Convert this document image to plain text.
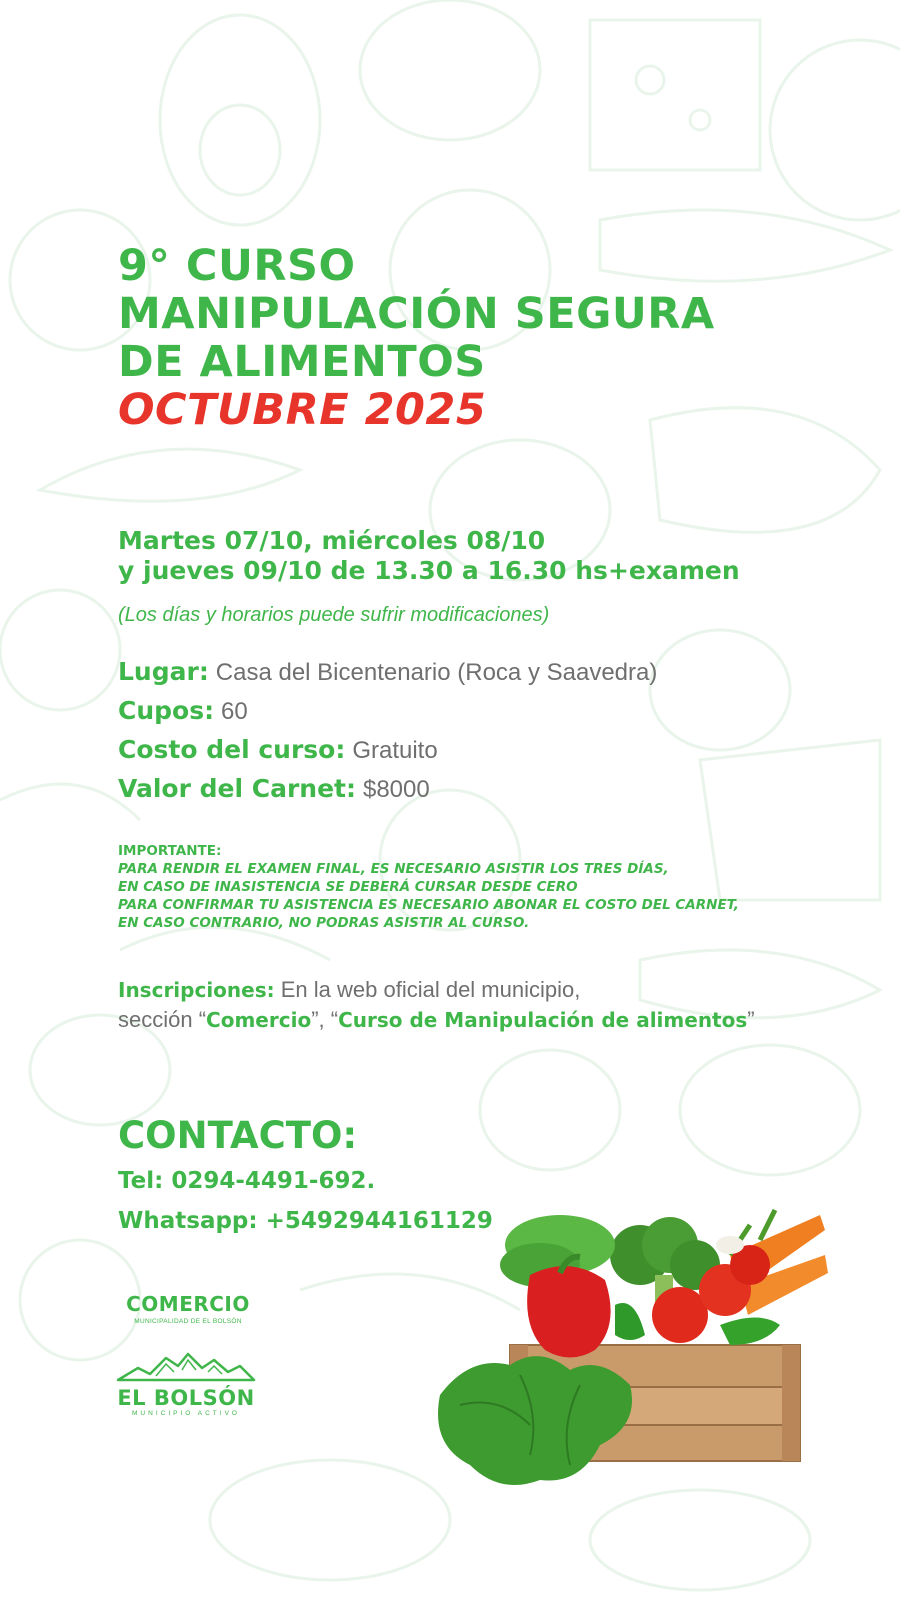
9° CURSO
MANIPULACIÓN SEGURA
DE ALIMENTOS
OCTUBRE 2025
Martes 07/10, miércoles 08/10
y jueves 09/10 de 13.30 a 16.30 hs+examen
(Los días y horarios puede sufrir modificaciones)
Lugar: Casa del Bicentenario (Roca y Saavedra)
Cupos: 60
Costo del curso: Gratuito
Valor del Carnet: $8000
IMPORTANTE:
PARA RENDIR EL EXAMEN FINAL, ES NECESARIO ASISTIR LOS TRES DÍAS,
EN CASO DE INASISTENCIA SE DEBERÁ CURSAR DESDE CERO
PARA CONFIRMAR TU ASISTENCIA ES NECESARIO ABONAR EL COSTO DEL CARNET,
EN CASO CONTRARIO, NO PODRAS ASISTIR AL CURSO.
Inscripciones: En la web oficial del municipio,
sección “Comercio”, “Curso de Manipulación de alimentos”
CONTACTO:
Tel: 0294-4491-692.
Whatsapp: +5492944161129
COMERCIO
MUNICIPALIDAD DE EL BOLSÓN
EL BOLSÓN
MUNICIPIO ACTIVO
